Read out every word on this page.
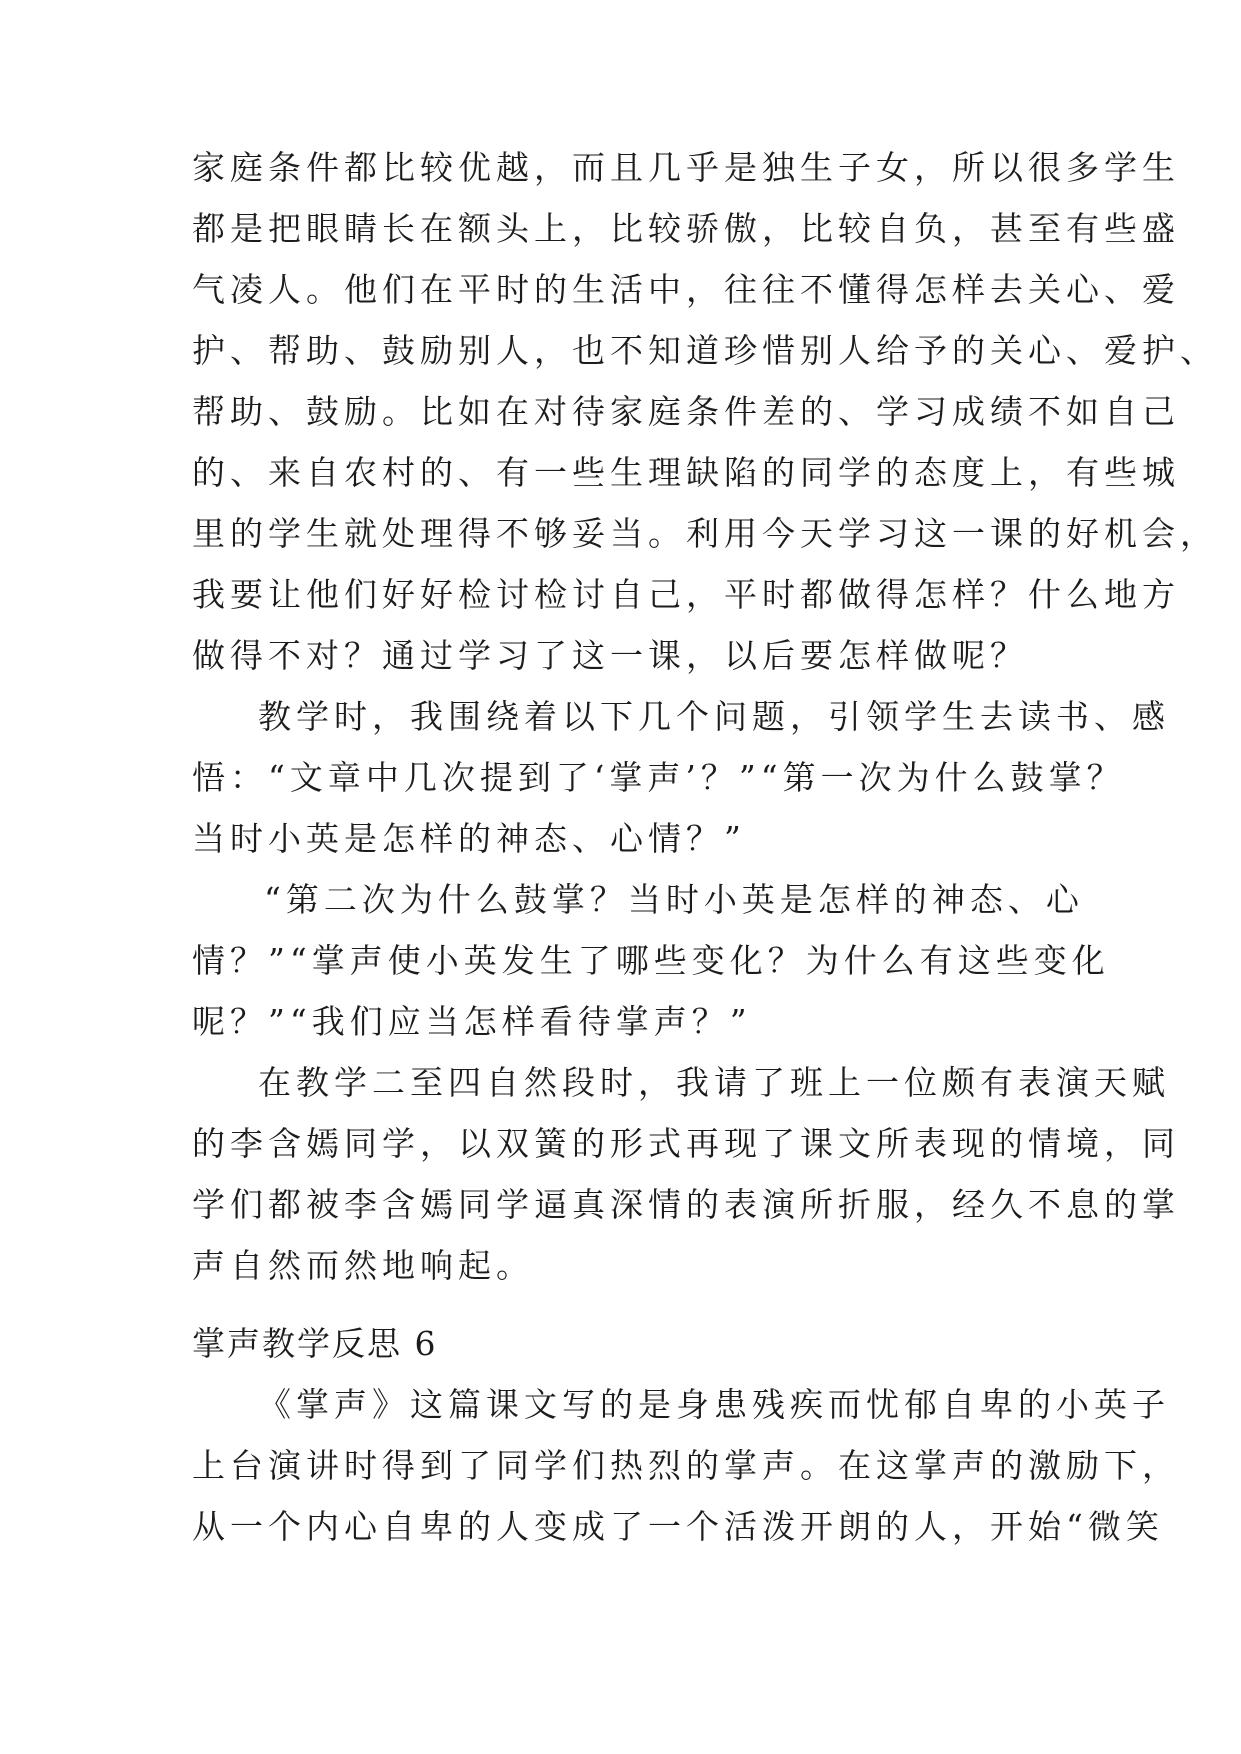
家庭条件都比较优越，而且几乎是独生子女，所以很多学生
都是把眼睛长在额头上，比较骄傲，比较自负，甚至有些盛
气凌人。他们在平时的生活中，往往不懂得怎样去关心、爱
护、帮助、鼓励别人，也不知道珍惜别人给予的关心、爱护、
帮助、鼓励。比如在对待家庭条件差的、学习成绩不如自己
的、来自农村的、有一些生理缺陷的同学的态度上，有些城
里的学生就处理得不够妥当。利用今天学习这一课的好机会，
我要让他们好好检讨检讨自己，平时都做得怎样？什么地方
做得不对？通过学习了这一课，以后要怎样做呢？
教学时，我围绕着以下几个问题，引领学生去读书、感
悟：“文章中几次提到了‘掌声’？”“第一次为什么鼓掌？
当时小英是怎样的神态、心情？”
“第二次为什么鼓掌？当时小英是怎样的神态、心
情？”“掌声使小英发生了哪些变化？为什么有这些变化
呢？”“我们应当怎样看待掌声？”
在教学二至四自然段时，我请了班上一位颇有表演天赋
的李含嫣同学，以双簧的形式再现了课文所表现的情境，同
学们都被李含嫣同学逼真深情的表演所折服，经久不息的掌
声自然而然地响起。
掌声教学反思 6
《掌声》这篇课文写的是身患残疾而忧郁自卑的小英子
上台演讲时得到了同学们热烈的掌声。在这掌声的激励下，
从一个内心自卑的人变成了一个活泼开朗的人，开始“微笑
